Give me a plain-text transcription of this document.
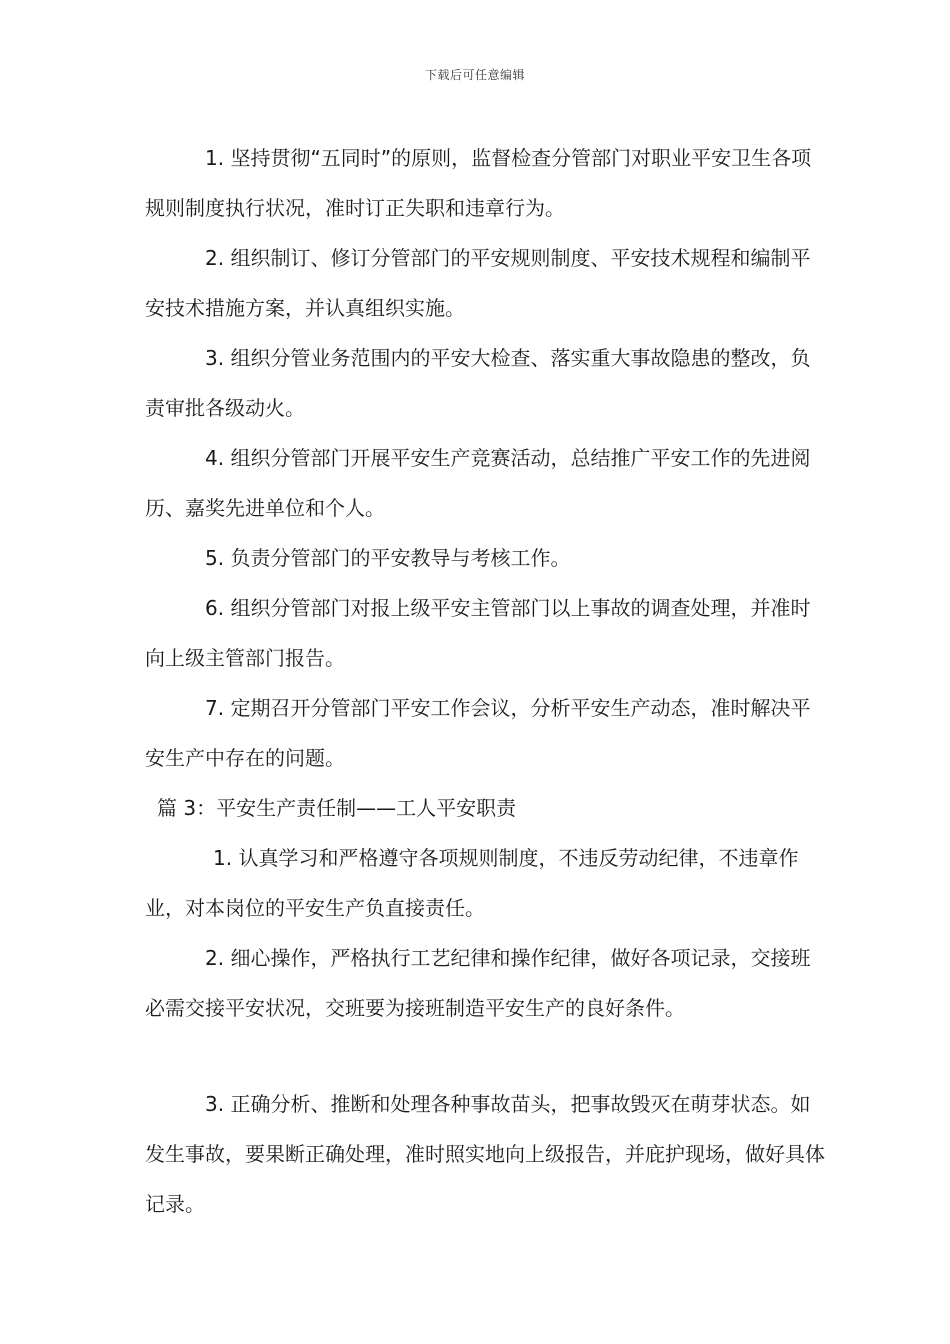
下载后可任意编辑

1. 坚持贯彻“五同时”的原则，监督检查分管部门对职业平安卫生各项规则制度执行状况，准时订正失职和违章行为。

2. 组织制订、修订分管部门的平安规则制度、平安技术规程和编制平安技术措施方案，并认真组织实施。

3. 组织分管业务范围内的平安大检查、落实重大事故隐患的整改，负责审批各级动火。

4. 组织分管部门开展平安生产竞赛活动，总结推广平安工作的先进阅历、嘉奖先进单位和个人。

5. 负责分管部门的平安教导与考核工作。

6. 组织分管部门对报上级平安主管部门以上事故的调查处理，并准时向上级主管部门报告。

7. 定期召开分管部门平安工作会议，分析平安生产动态，准时解决平安生产中存在的问题。

篇 3：平安生产责任制——工人平安职责

1. 认真学习和严格遵守各项规则制度，不违反劳动纪律，不违章作业，对本岗位的平安生产负直接责任。

2. 细心操作，严格执行工艺纪律和操作纪律，做好各项记录，交接班必需交接平安状况，交班要为接班制造平安生产的良好条件。

3. 正确分析、推断和处理各种事故苗头，把事故毁灭在萌芽状态。如发生事故，要果断正确处理，准时照实地向上级报告，并庇护现场，做好具体记录。
